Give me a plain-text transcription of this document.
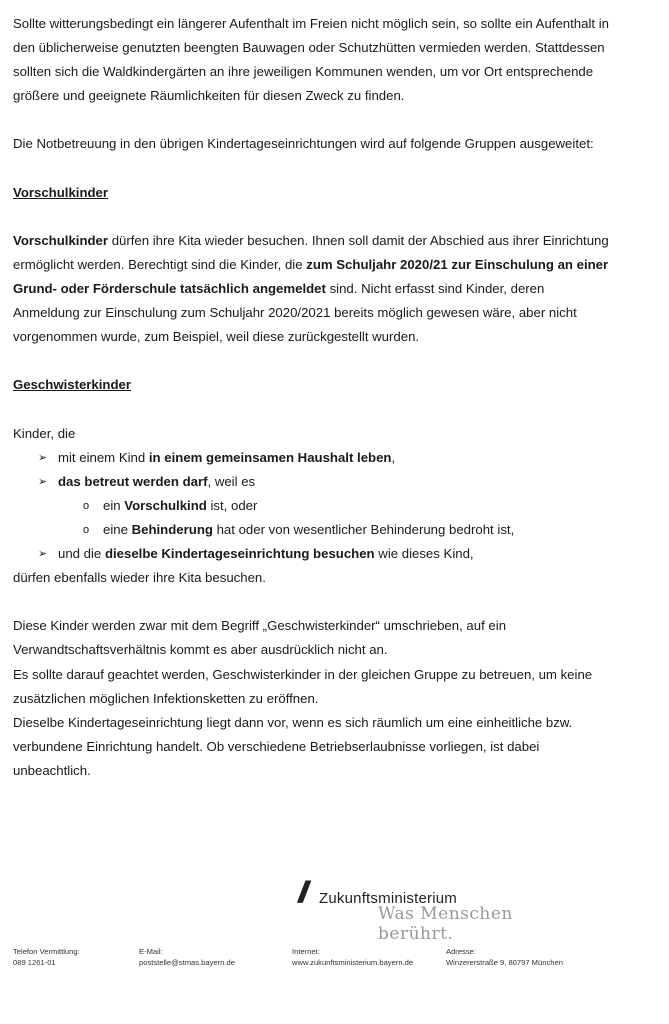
Sollte witterungsbedingt ein längerer Aufenthalt im Freien nicht möglich sein, so sollte ein Aufenthalt in den üblicherweise genutzten beengten Bauwagen oder Schutzhütten vermieden werden. Stattdessen sollten sich die Waldkindergärten an ihre jeweiligen Kommunen wenden, um vor Ort entsprechende größere und geeignete Räumlichkeiten für diesen Zweck zu finden.

Die Notbetreuung in den übrigen Kindertageseinrichtungen wird auf folgende Gruppen ausgeweitet:

Vorschulkinder

Vorschulkinder dürfen ihre Kita wieder besuchen. Ihnen soll damit der Abschied aus ihrer Einrichtung ermöglicht werden. Berechtigt sind die Kinder, die zum Schuljahr 2020/21 zur Einschulung an einer Grund- oder Förderschule tatsächlich angemeldet sind. Nicht erfasst sind Kinder, deren Anmeldung zur Einschulung zum Schuljahr 2020/2021 bereits möglich gewesen wäre, aber nicht vorgenommen wurde, zum Beispiel, weil diese zurückgestellt wurden.

Geschwisterkinder

Kinder, die

➢ mit einem Kind in einem gemeinsamen Haushalt leben,
➢ das betreut werden darf, weil es
o ein Vorschulkind ist, oder
o eine Behinderung hat oder von wesentlicher Behinderung bedroht ist,
➢ und die dieselbe Kindertageseinrichtung besuchen wie dieses Kind,

dürfen ebenfalls wieder ihre Kita besuchen.

Diese Kinder werden zwar mit dem Begriff „Geschwisterkinder“ umschrieben, auf ein Verwandtschaftsverhältnis kommt es aber ausdrücklich nicht an.

Es sollte darauf geachtet werden, Geschwisterkinder in der gleichen Gruppe zu betreuen, um keine zusätzlichen möglichen Infektionsketten zu eröffnen.

Dieselbe Kindertageseinrichtung liegt dann vor, wenn es sich räumlich um eine einheitliche bzw. verbundene Einrichtung handelt. Ob verschiedene Betriebserlaubnisse vorliegen, ist dabei unbeachtlich.

// Zukunftsministerium
Was Menschen berührt.
Telefon Vermittlung:
089 1261-01
E-Mail:
poststelle@stmas.bayern.de
Internet:
www.zukunftsministerium.bayern.de
Adresse:
Winzererstraße 9, 80797 München
